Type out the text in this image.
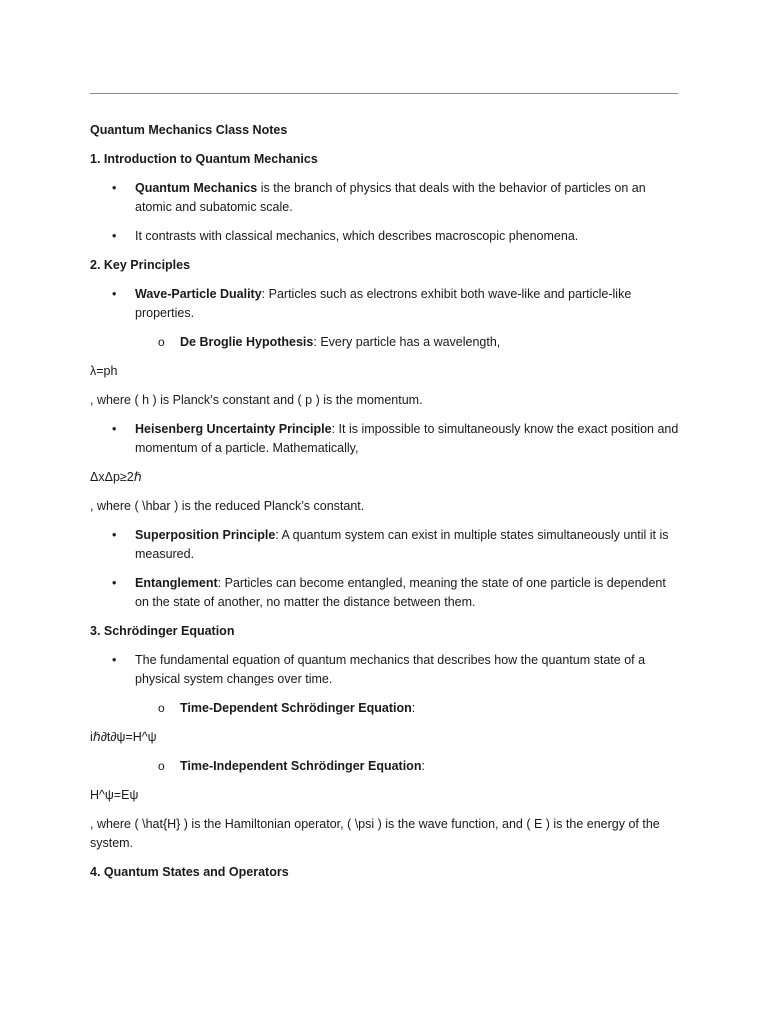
Quantum Mechanics Class Notes

1. Introduction to Quantum Mechanics

• Quantum Mechanics is the branch of physics that deals with the behavior of particles on an atomic and subatomic scale.
• It contrasts with classical mechanics, which describes macroscopic phenomena.

2. Key Principles

• Wave-Particle Duality: Particles such as electrons exhibit both wave-like and particle-like properties.
o De Broglie Hypothesis: Every particle has a wavelength,

λ=ph

, where ( h ) is Planck’s constant and ( p ) is the momentum.

• Heisenberg Uncertainty Principle: It is impossible to simultaneously know the exact position and momentum of a particle. Mathematically,

ΔxΔp≥2ℏ

, where ( \hbar ) is the reduced Planck’s constant.

• Superposition Principle: A quantum system can exist in multiple states simultaneously until it is measured.
• Entanglement: Particles can become entangled, meaning the state of one particle is dependent on the state of another, no matter the distance between them.

3. Schrödinger Equation

• The fundamental equation of quantum mechanics that describes how the quantum state of a physical system changes over time.
o Time-Dependent Schrödinger Equation:

iℏ∂t∂ψ=H^ψ

o Time-Independent Schrödinger Equation:

H^ψ=Eψ

, where ( \hat{H} ) is the Hamiltonian operator, ( \psi ) is the wave function, and ( E ) is the energy of the system.

4. Quantum States and Operators
